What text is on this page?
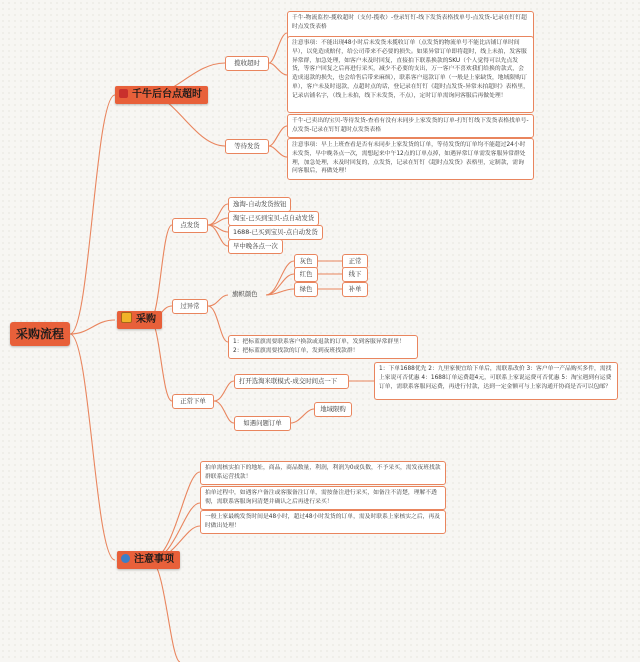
采购流程
千牛后台点超时
揽收超时
千牛-物流监控-揽收超时（支付-揽收）-登录钉钉-线下发货表格找单号-点发货-记录在钉钉超时点发货表格
注意事项：不能出现48小时后未发货未揽收订单（点发货的物流单号不能比店铺订单时间早），以免造成赔付，给公司带来不必要的损失。如果异常订单即将超时，线上未拍，发客服异常群，加急处理，如客户未及时回复，直接拍下联系换款的SKU（个人觉得可以先点发货，等客户回复之后再进行采买，减少不必要的支出，万一客户不喜欢我们给换的款式，会造成退款的损失，也会给售后带来麻烦），联系客户退款订单（一般是上家缺货，地域限购订单），客户未及时退款，点超时点的话，登记录在钉钉《超时点发货-异常未拍超时》表格里，记录店铺名字，（线上未拍，线下未发货，不点），定时订单需询问客服后再做处理！
等待发货
千牛-已卖出的宝贝-等待发货-查看有没有未同步上家发货的订单-打钉钉线下发货表格找单号-点发货-记录在钉钉超时点发货表格
注意事项：早上上班查看是否有未同步上家发货的订单，等待发货的订单均不能超过24小时未发货，早中晚各点一次，需想起来中午12点的订单点掉，如遇异常订单需发客服异常群处理，加急处理，未及时回复的，点发货，记录在钉钉《超时点发货》表格里，定制款，需询问客服后，再做处理！
采购
点发货
逸淘-自动发货按钮
淘宝-已买到宝贝-点自动发货
1688-已买到宝贝-点自动发货
早中晚各点一次
过异常
旗帜颜色
灰色
红色
绿色
正常
线下
补单
1：把标蓝旗需要联系客户换款或退款的订单，发到客服异常群里！2：把标蓝旗需要找款的订单，发到夜班找款群！
正常下单
打开选淘米联模式-成交时间点一下
1：下单1688优先 2：九里家便宜给下单后，需联系改价 3：客户单一产品购买多件，需找上家说可否优惠 4：1688订单运费超4元，可联系上家说运费可否优惠 5：淘宝遇到有运费订单，需联系客服问运费，再进行付款，达到一定金额可与上家沟通开协商是否可以包邮？
如遇问题订单
地域限购
注意事项
拍单需核实拍下的地址，商品，商品数量，利润，利润为0或负数，不予采买，需发夜班找款群联系运营找款！
拍单过程中，如遇客户备注或客服备注订单，需按备注进行采买，如备注不清楚，理解不透彻，需联系客服询问清楚并确认之后再进行采买！
一般上家最晚发货时间是48小时，超过48小时发货的订单，需及时联系上家核实之后，再及时做出处理！
